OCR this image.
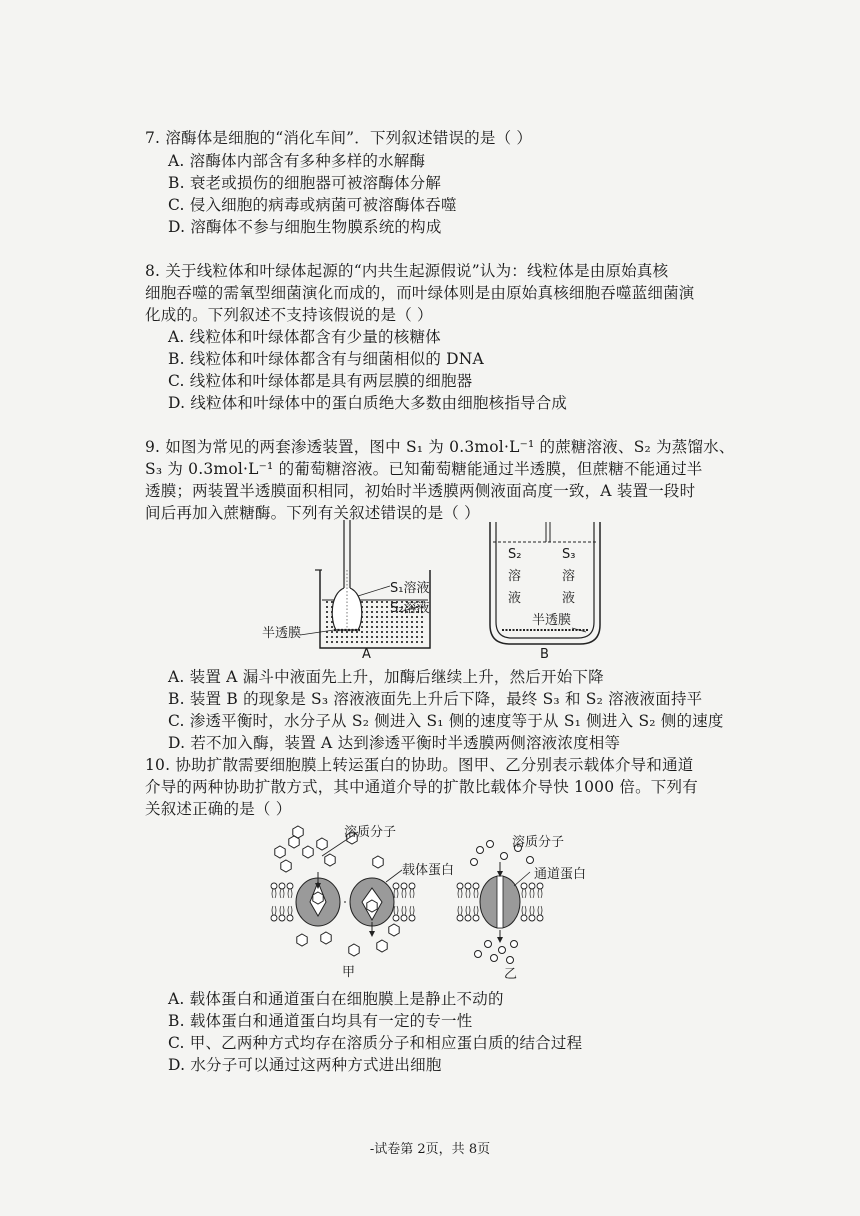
7. 溶酶体是细胞的“消化车间”．下列叙述错误的是（ ）
A. 溶酶体内部含有多种多样的水解酶
B. 衰老或损伤的细胞器可被溶酶体分解
C. 侵入细胞的病毒或病菌可被溶酶体吞噬
D. 溶酶体不参与细胞生物膜系统的构成
8. 关于线粒体和叶绿体起源的“内共生起源假说”认为：线粒体是由原始真核
细胞吞噬的需氧型细菌演化而成的，而叶绿体则是由原始真核细胞吞噬蓝细菌演
化成的。下列叙述不支持该假说的是（ ）
A. 线粒体和叶绿体都含有少量的核糖体
B. 线粒体和叶绿体都含有与细菌相似的 DNA
C. 线粒体和叶绿体都是具有两层膜的细胞器
D. 线粒体和叶绿体中的蛋白质绝大多数由细胞核指导合成
9. 如图为常见的两套渗透装置，图中 S₁ 为 0.3mol·L⁻¹ 的蔗糖溶液、S₂ 为蒸馏水、
S₃ 为 0.3mol·L⁻¹ 的葡萄糖溶液。已知葡萄糖能通过半透膜，但蔗糖不能通过半
透膜；两装置半透膜面积相同，初始时半透膜两侧液面高度一致，A 装置一段时
间后再加入蔗糖酶。下列有关叙述错误的是（ ）
S₁溶液
S₂溶液
半透膜
A
S₂
溶
液
S₃
溶
液
半透膜
B
A. 装置 A 漏斗中液面先上升，加酶后继续上升，然后开始下降
B. 装置 B 的现象是 S₃ 溶液液面先上升后下降，最终 S₃ 和 S₂ 溶液液面持平
C. 渗透平衡时，水分子从 S₂ 侧进入 S₁ 侧的速度等于从 S₁ 侧进入 S₂ 侧的速度
D. 若不加入酶，装置 A 达到渗透平衡时半透膜两侧溶液浓度相等
10. 协助扩散需要细胞膜上转运蛋白的协助。图甲、乙分别表示载体介导和通道
介导的两种协助扩散方式，其中通道介导的扩散比载体介导快 1000 倍。下列有
关叙述正确的是（ ）
溶质分子
载体蛋白
甲
溶质分子
通道蛋白
乙
A. 载体蛋白和通道蛋白在细胞膜上是静止不动的
B. 载体蛋白和通道蛋白均具有一定的专一性
C. 甲、乙两种方式均存在溶质分子和相应蛋白质的结合过程
D. 水分子可以通过这两种方式进出细胞
-试卷第 2页，共 8页
